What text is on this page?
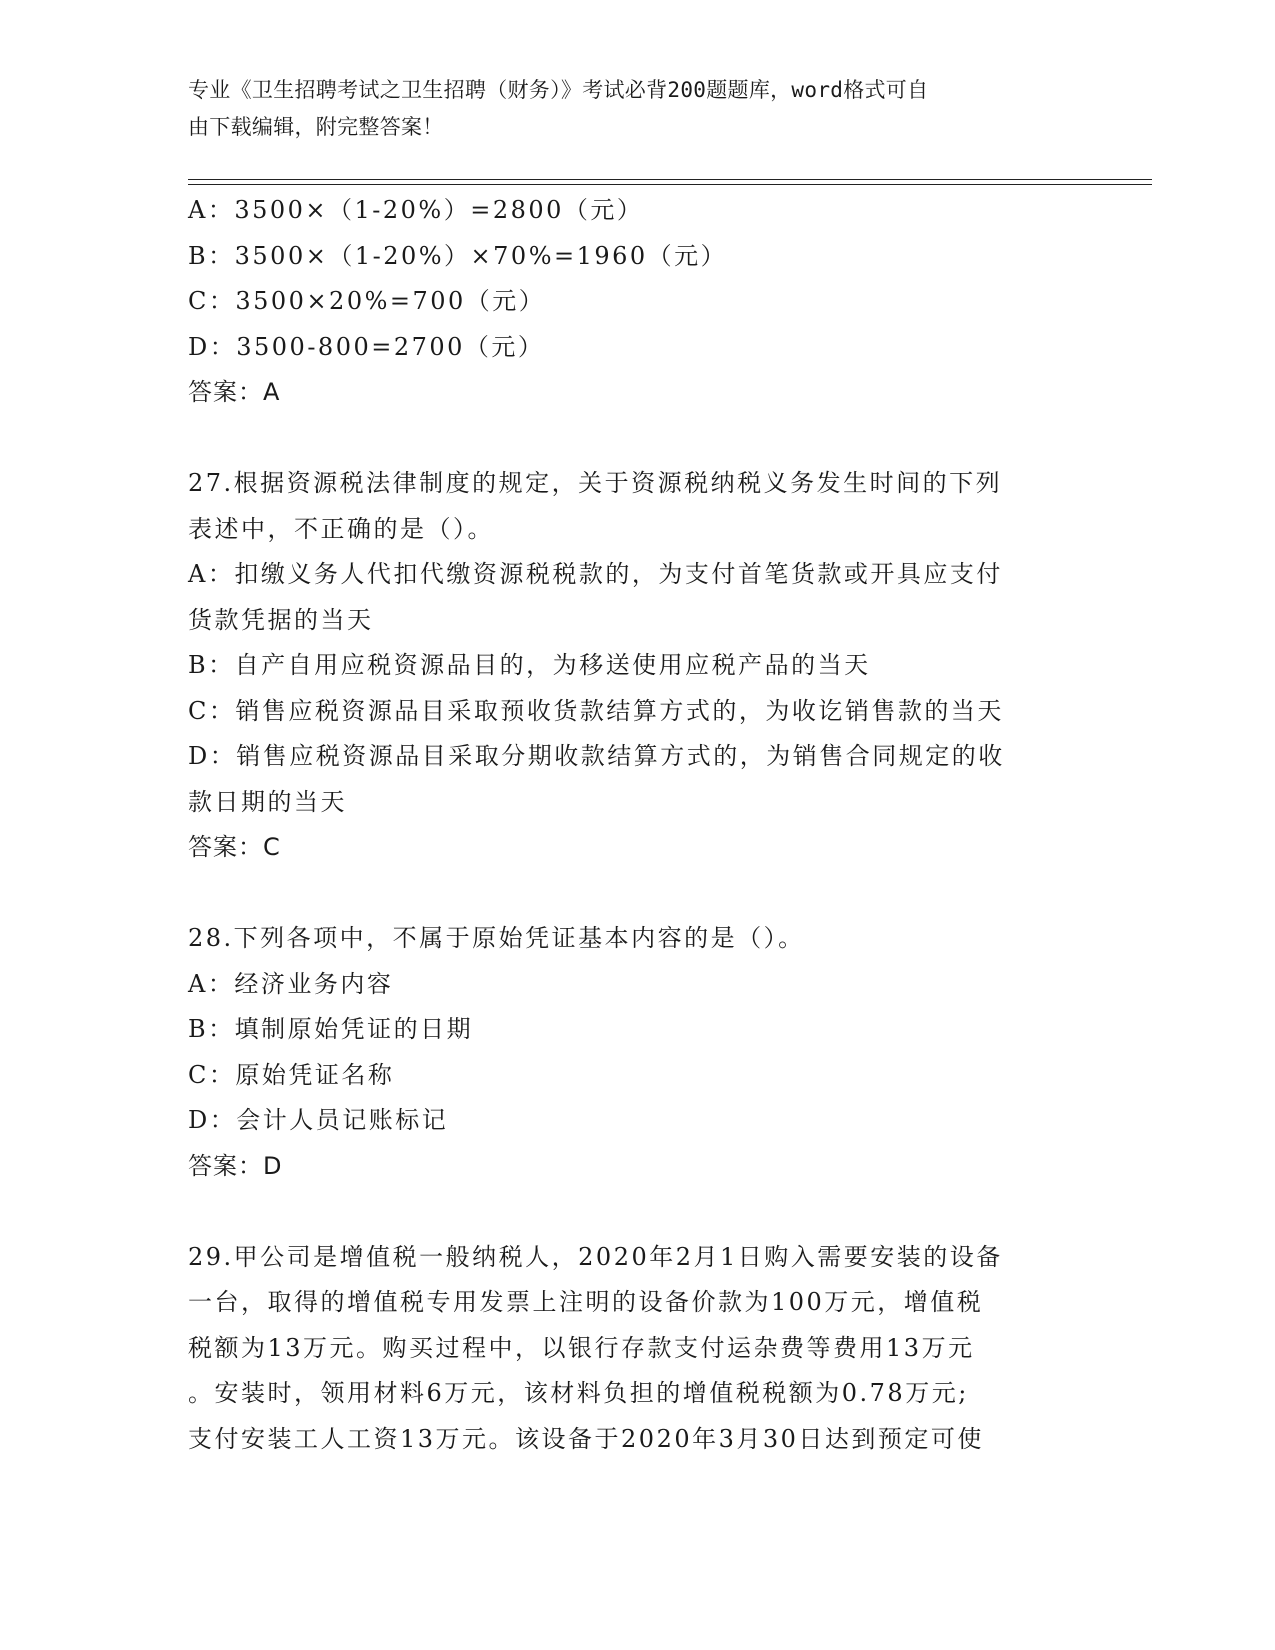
专业《卫生招聘考试之卫生招聘（财务）》考试必背200题题库，word格式可自
由下载编辑，附完整答案！
A：3500×（1-20%）=2800（元）
B：3500×（1-20%）×70%=1960（元）
C：3500×20%=700（元）
D：3500-800=2700（元）
答案：A
27.根据资源税法律制度的规定，关于资源税纳税义务发生时间的下列
表述中，不正确的是（）。
A：扣缴义务人代扣代缴资源税税款的，为支付首笔货款或开具应支付
货款凭据的当天
B：自产自用应税资源品目的，为移送使用应税产品的当天
C：销售应税资源品目采取预收货款结算方式的，为收讫销售款的当天
D：销售应税资源品目采取分期收款结算方式的，为销售合同规定的收
款日期的当天
答案：C
28.下列各项中，不属于原始凭证基本内容的是（）。
A：经济业务内容
B：填制原始凭证的日期
C：原始凭证名称
D：会计人员记账标记
答案：D
29.甲公司是增值税一般纳税人，2020年2月1日购入需要安装的设备
一台，取得的增值税专用发票上注明的设备价款为100万元，增值税
税额为13万元。购买过程中，以银行存款支付运杂费等费用13万元
。安装时，领用材料6万元，该材料负担的增值税税额为0.78万元;
支付安装工人工资13万元。该设备于2020年3月30日达到预定可使
